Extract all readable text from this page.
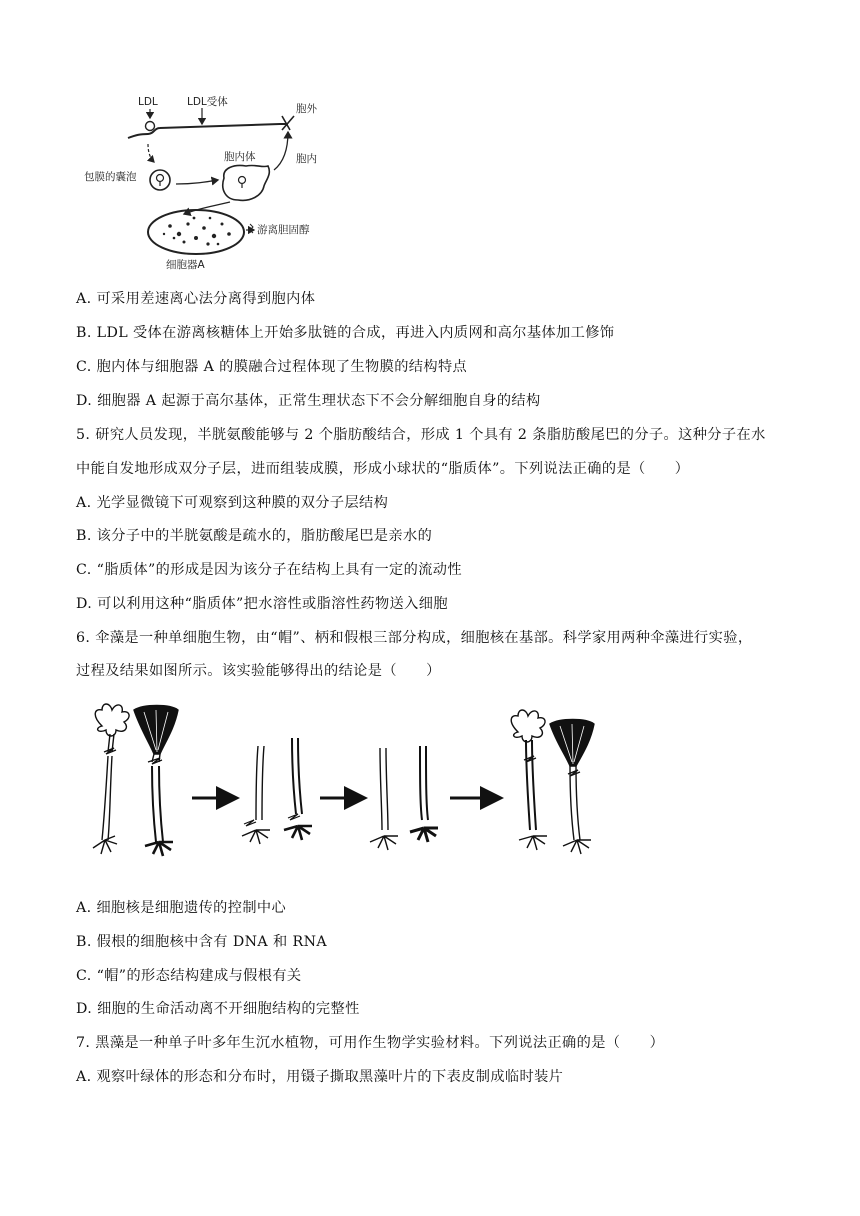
LDL	LDL受体
胞外
胞内
胞内体
包膜的囊泡
游离胆固醇
细胞器A
A. 可采用差速离心法分离得到胞内体
B. LDL 受体在游离核糖体上开始多肽链的合成，再进入内质网和高尔基体加工修饰
C. 胞内体与细胞器 A 的膜融合过程体现了生物膜的结构特点
D. 细胞器 A 起源于高尔基体，正常生理状态下不会分解细胞自身的结构
5. 研究人员发现，半胱氨酸能够与 2 个脂肪酸结合，形成 1 个具有 2 条脂肪酸尾巴的分子。这种分子在水
中能自发地形成双分子层，进而组装成膜，形成小球状的“脂质体”。下列说法正确的是（　　）
A. 光学显微镜下可观察到这种膜的双分子层结构
B. 该分子中的半胱氨酸是疏水的，脂肪酸尾巴是亲水的
C. “脂质体”的形成是因为该分子在结构上具有一定的流动性
D. 可以利用这种“脂质体”把水溶性或脂溶性药物送入细胞
6. 伞藻是一种单细胞生物，由“帽”、柄和假根三部分构成，细胞核在基部。科学家用两种伞藻进行实验，
过程及结果如图所示。该实验能够得出的结论是（　　）
A. 细胞核是细胞遗传的控制中心
B. 假根的细胞核中含有 DNA 和 RNA
C. “帽”的形态结构建成与假根有关
D. 细胞的生命活动离不开细胞结构的完整性
7. 黑藻是一种单子叶多年生沉水植物，可用作生物学实验材料。下列说法正确的是（　　）
A. 观察叶绿体的形态和分布时，用镊子撕取黑藻叶片的下表皮制成临时装片
